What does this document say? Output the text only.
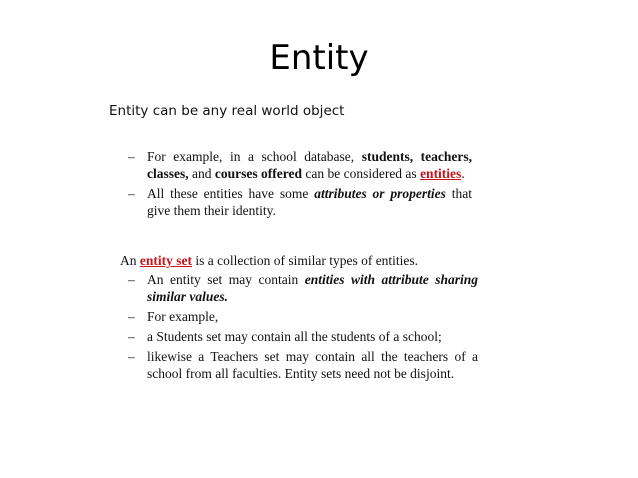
Entity
Entity can be any real world object

– For example, in a school database, students, teachers, classes, and courses offered can be considered as entities.

– All these entities have some attributes or properties that give them their identity.

An entity set is a collection of similar types of entities.

– An entity set may contain entities with attribute sharing similar values.

– For example,

– a Students set may contain all the students of a school;

– likewise a Teachers set may contain all the teachers of a school from all faculties. Entity sets need not be disjoint.
